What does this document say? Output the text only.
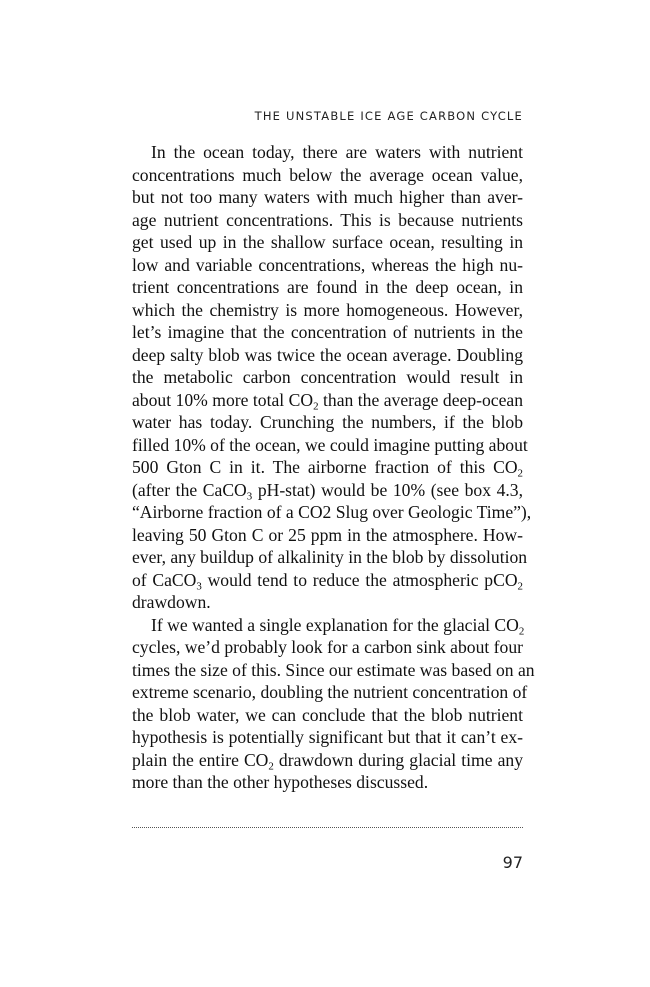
THE UNSTABLE ICE AGE CARBON CYCLE
In the ocean today, there are waters with nutrient
concentrations much below the average ocean value,
but not too many waters with much higher than aver-
age nutrient concentrations. This is because nutrients
get used up in the shallow surface ocean, resulting in
low and variable concentrations, whereas the high nu-
trient concentrations are found in the deep ocean, in
which the chemistry is more homogeneous. However,
let’s imagine that the concentration of nutrients in the
deep salty blob was twice the ocean average. Doubling
the metabolic carbon concentration would result in
about 10% more total CO2 than the average deep-ocean
water has today. Crunching the numbers, if the blob
filled 10% of the ocean, we could imagine putting about
500 Gton C in it. The airborne fraction of this CO2
(after the CaCO3 pH-stat) would be 10% (see box 4.3,
“Airborne fraction of a CO2 Slug over Geologic Time”),
leaving 50 Gton C or 25 ppm in the atmosphere. How-
ever, any buildup of alkalinity in the blob by dissolution
of CaCO3 would tend to reduce the atmospheric pCO2
drawdown.
If we wanted a single explanation for the glacial CO2
cycles, we’d probably look for a carbon sink about four
times the size of this. Since our estimate was based on an
extreme scenario, doubling the nutrient concentration of
the blob water, we can conclude that the blob nutrient
hypothesis is potentially significant but that it can’t ex-
plain the entire CO2 drawdown during glacial time any
more than the other hypotheses discussed.
97
